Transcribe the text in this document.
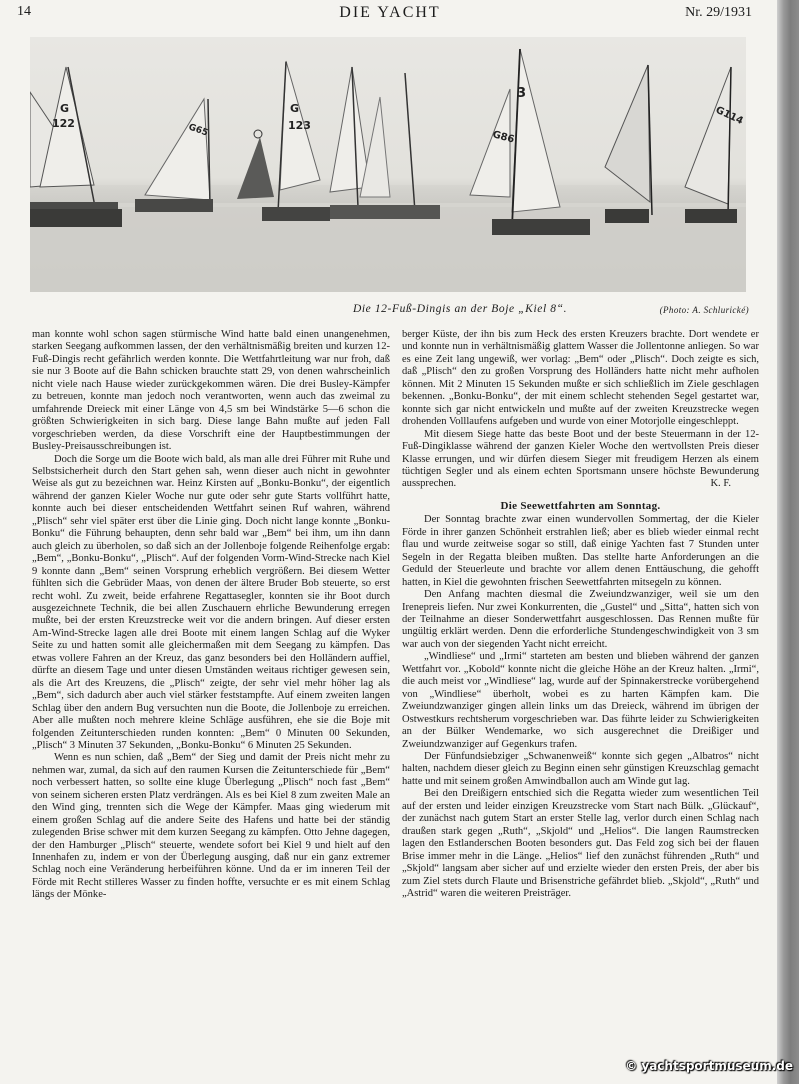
14	DIE YACHT	Nr. 29/1931
G
122	G65
G
123
G86
3
G114
Die 12-Fuß-Dingis an der Boje „Kiel 8“.	(Photo: A. Schlurické)

man konnte wohl schon sagen stürmische Wind hatte bald einen unangenehmen, starken Seegang aufkommen lassen, der den verhältnismäßig breiten und kurzen 12-Fuß-Dingis recht gefährlich werden konnte. Die Wettfahrtleitung war nur froh, daß sie nur 3 Boote auf die Bahn schicken brauchte statt 29, von denen wahrscheinlich nicht viele nach Hause wieder zurückgekommen wären. Die drei Busley-Kämpfer zu betreuen, konnte man jedoch noch verantworten, wenn auch das zweimal zu umfahrende Dreieck mit einer Länge von 4,5 sm bei Windstärke 5—6 schon die größten Schwierigkeiten in sich barg. Diese lange Bahn mußte auf jeden Fall vorgeschrieben werden, da diese Vorschrift eine der Hauptbestimmungen der Busley-Preisausschreibungen ist.

Doch die Sorge um die Boote wich bald, als man alle drei Führer mit Ruhe und Selbstsicherheit durch den Start gehen sah, wenn dieser auch nicht in gewohnter Weise als gut zu bezeichnen war. Heinz Kirsten auf „Bonku-Bonku“, der eigentlich während der ganzen Kieler Woche nur gute oder sehr gute Starts vollführt hatte, konnte auch bei dieser entscheidenden Wettfahrt seinen Ruf wahren, während „Plisch“ sehr viel später erst über die Linie ging. Doch nicht lange konnte „Bonku-Bonku“ die Führung behaupten, denn sehr bald war „Bem“ bei ihm, um ihn dann auch gleich zu überholen, so daß sich an der Jollenboje folgende Reihenfolge ergab: „Bem“, „Bonku-Bonku“, „Plisch“. Auf der folgenden Vorm-Wind-Strecke nach Kiel 9 konnte dann „Bem“ seinen Vorsprung erheblich vergrößern. Bei diesem Wetter fühlten sich die Gebrüder Maas, von denen der ältere Bruder Bob steuerte, so erst recht wohl. Zu zweit, beide erfahrene Regattasegler, konnten sie ihr Boot durch ausgezeichnete Technik, die bei allen Zuschauern ehrliche Bewunderung erregen mußte, bei der ersten Kreuzstrecke weit vor die andern bringen. Auf dieser ersten Am-Wind-Strecke lagen alle drei Boote mit einem langen Schlag auf die Wyker Seite zu und hatten somit alle gleichermaßen mit dem Seegang zu kämpfen. Das etwas vollere Fahren an der Kreuz, das ganz besonders bei den Holländern auffiel, dürfte an diesem Tage und unter diesen Umständen weitaus richtiger gewesen sein, als die Art des Kreuzens, die „Plisch“ zeigte, der sehr viel mehr höher lag als „Bem“, sich dadurch aber auch viel stärker feststampfte. Auf einem zweiten langen Schlag über den andern Bug versuchten nun die Boote, die Jollenboje zu erreichen. Aber alle mußten noch mehrere kleine Schläge ausführen, ehe sie die Boje mit folgenden Zeitunterschieden runden konnten: „Bem“ 0 Minuten 00 Sekunden, „Plisch“ 3 Minuten 37 Sekunden, „Bonku-Bonku“ 6 Minuten 25 Sekunden.

Wenn es nun schien, daß „Bem“ der Sieg und damit der Preis nicht mehr zu nehmen war, zumal, da sich auf den raumen Kursen die Zeitunterschiede für „Bem“ noch verbessert hatten, so sollte eine kluge Überlegung „Plisch“ noch fast „Bem“ von seinem sicheren ersten Platz verdrängen. Als es bei Kiel 8 zum zweiten Male an den Wind ging, trennten sich die Wege der Kämpfer. Maas ging wiederum mit einem großen Schlag auf die andere Seite des Hafens und hatte bei der ständig zulegenden Brise schwer mit dem kurzen Seegang zu kämpfen. Otto Jehne dagegen, der den Hamburger „Plisch“ steuerte, wendete sofort bei Kiel 9 und hielt auf den Innenhafen zu, indem er von der Überlegung ausging, daß nur ein ganz extremer Schlag noch eine Veränderung herbeiführen könne. Und da er im inneren Teil der Förde mit Recht stilleres Wasser zu finden hoffte, versuchte er es mit einem Schlag längs der Mönke-

berger Küste, der ihn bis zum Heck des ersten Kreuzers brachte. Dort wendete er und konnte nun in verhältnismäßig glattem Wasser die Jollentonne anliegen. So war es eine Zeit lang ungewiß, wer vorlag: „Bem“ oder „Plisch“. Doch zeigte es sich, daß „Plisch“ den zu großen Vorsprung des Holländers hatte nicht mehr aufholen können. Mit 2 Minuten 15 Sekunden mußte er sich schließlich im Ziele geschlagen bekennen. „Bonku-Bonku“, der mit einem schlecht stehenden Segel gestartet war, konnte sich gar nicht entwickeln und mußte auf der zweiten Kreuzstrecke wegen drohenden Volllaufens aufgeben und wurde von einer Motorjolle eingeschleppt.

Mit diesem Siege hatte das beste Boot und der beste Steuermann in der 12-Fuß-Dingiklasse während der ganzen Kieler Woche den wertvollsten Preis dieser Klasse errungen, und wir dürfen diesem Sieger mit freudigem Herzen als einem tüchtigen Segler und als einem echten Sportsmann unsere höchste Bewunderung aussprechen.	K. F.
Die Seewettfahrten am Sonntag.

Der Sonntag brachte zwar einen wundervollen Sommertag, der die Kieler Förde in ihrer ganzen Schönheit erstrahlen ließ; aber es blieb wieder einmal recht flau und wurde zeitweise sogar so still, daß einige Yachten fast 7 Stunden unter Segeln in der Regatta bleiben mußten. Das stellte harte Anforderungen an die Geduld der Steuerleute und brachte vor allem denen Enttäuschung, die gehofft hatten, in Kiel die gewohnten frischen Seewettfahrten mitsegeln zu können.

Den Anfang machten diesmal die Zweiundzwanziger, weil sie um den Irenepreis liefen. Nur zwei Konkurrenten, die „Gustel“ und „Sitta“, hatten sich von der Teilnahme an dieser Sonderwettfahrt ausgeschlossen. Das Rennen mußte für ungültig erklärt werden. Denn die erforderliche Stundengeschwindigkeit von 3 sm war auch von der siegenden Yacht nicht erreicht.

„Windliese“ und „Irmi“ starteten am besten und blieben während der ganzen Wettfahrt vor. „Kobold“ konnte nicht die gleiche Höhe an der Kreuz halten. „Irmi“, die auch meist vor „Windliese“ lag, wurde auf der Spinnakerstrecke vorübergehend von „Windliese“ überholt, wobei es zu harten Kämpfen kam. Die Zweiundzwanziger gingen allein links um das Dreieck, während im übrigen der Ostwestkurs rechtsherum vorgeschrieben war. Das führte leider zu Schwierigkeiten an der Bülker Wendemarke, wo sich ausgerechnet die Dreißiger und Zweiundzwanziger auf Gegenkurs trafen.

Der Fünfundsiebziger „Schwanenweiß“ konnte sich gegen „Albatros“ nicht halten, nachdem dieser gleich zu Beginn einen sehr günstigen Kreuzschlag gemacht hatte und mit seinem großen Amwindballon auch am Winde gut lag.

Bei den Dreißigern entschied sich die Regatta wieder zum wesentlichen Teil auf der ersten und leider einzigen Kreuzstrecke vom Start nach Bülk. „Glückauf“, der zunächst nach gutem Start an erster Stelle lag, verlor durch einen Schlag nach draußen stark gegen „Ruth“, „Skjold“ und „Helios“. Die langen Raumstrecken lagen den Estlanderschen Booten besonders gut. Das Feld zog sich bei der flauen Brise immer mehr in die Länge. „Helios“ lief den zunächst führenden „Ruth“ und „Skjold“ langsam aber sicher auf und erzielte wieder den ersten Preis, der aber bis zum Ziel stets durch Flaute und Brisenstriche gefährdet blieb. „Skjold“, „Ruth“ und „Astrid“ waren die weiteren Preisträger.

© yachtsportmuseum.de
